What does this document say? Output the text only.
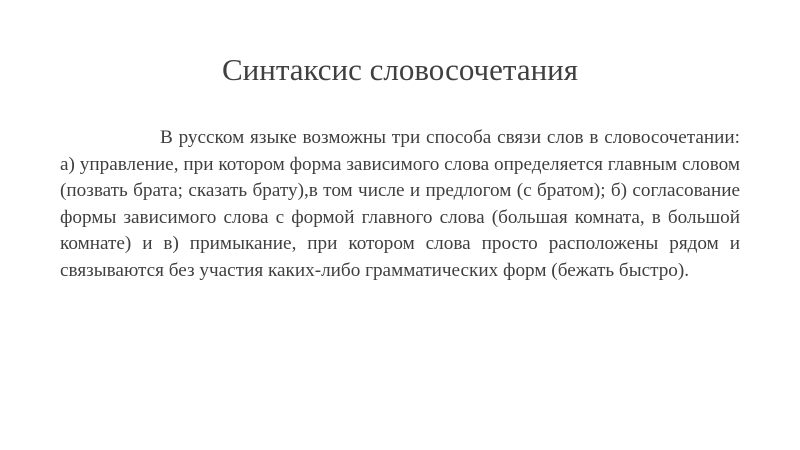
Синтаксис словосочетания

В русском языке возможны три способа связи слов в словосочетании: а) управление, при котором форма зависимого слова определяется главным словом (позвать брата; сказать брату),в том числе и предлогом (с братом); б) согласование формы зависимого слова с формой главного слова (большая комната, в большой комнате) и в) примыкание, при котором слова просто расположены рядом и связываются без участия каких-либо грамматических форм (бежать быстро).
